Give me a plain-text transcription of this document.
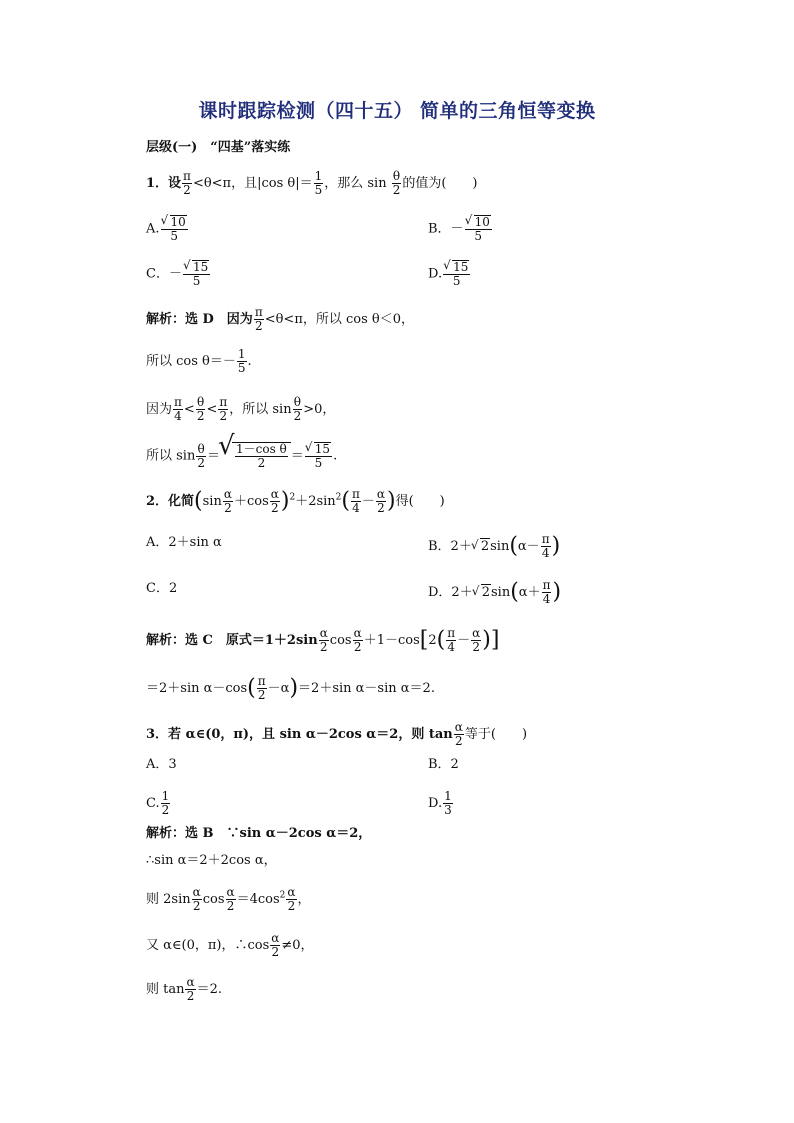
课时跟踪检测（四十五） 简单的三角恒等变换
层级(一)　“四基”落实练
1．设 $\frac{\pi}{2} <\theta<\pi$，且|cos $\theta|= \frac{1}{5}$ ，那么 $\sin \frac{\theta}{2}$ 的值为(　　)
A. √ $\frac{10}{5}$	B．－ √ $\frac{10}{5}$
C．－ √ $\frac{15}{5}$	D. √ $\frac{15}{5}$
解析：选 D　因为 $\frac{\pi}{2} <\theta<\pi$，所以 cos θ＜0，
所以 $\cos \theta=- \frac{1}{5}$ .
因为 $\frac{\pi}{4} < \frac{\theta}{2} < \frac{\pi}{2}$ ，所以 $\sin \frac{\theta}{2} >0$，
所以 $\sin \frac{\theta}{2}$ ＝ √ $\frac{\text{1－cos θ}}{2}$ ＝ √ $\frac{15}{5}$ .
2．化简$(\sin \frac{\alpha}{2} +\cos \frac{\alpha}{2} )^2+2\sin^2( \frac{\pi}{4} - \frac{\alpha}{2}$ )得(　　)
A．2＋sin α	B．2＋ √ $2\sin(\alpha- \frac{\pi}{4}$ )
C．2	D．2＋ √ $2\sin(\alpha+ \frac{\pi}{4}$ )
解析：选 C　原式$=1+2\sin \frac{\alpha}{2}$ $\cos \frac{\alpha}{2} +1-\cos[2( \frac{\pi}{4} - \frac{\alpha}{2}$ )]
＝2＋sin $\alpha-\cos( \frac{\pi}{2} -\alpha)=2+\sin$ α－sin α＝2.
3．若 α∈(0，π)，且 sin α－2cos α＝2，则 $\tan \frac{\alpha}{2}$ 等于(　　)
A．3	B．2
C. $\frac{1}{2}$	D. $\frac{1}{3}$
解析：选 B　∵sin α－2cos α＝2，
∴sin α＝2＋2cos α，
则 $2\sin \frac{\alpha}{2}$ $\cos \frac{\alpha}{2} =4\cos^2 \frac{\alpha}{2}$ ，
又 α∈(0，π)，∴cos $\frac{\alpha}{2} \ne 0$，
则 $\tan \frac{\alpha}{2} =2$.
